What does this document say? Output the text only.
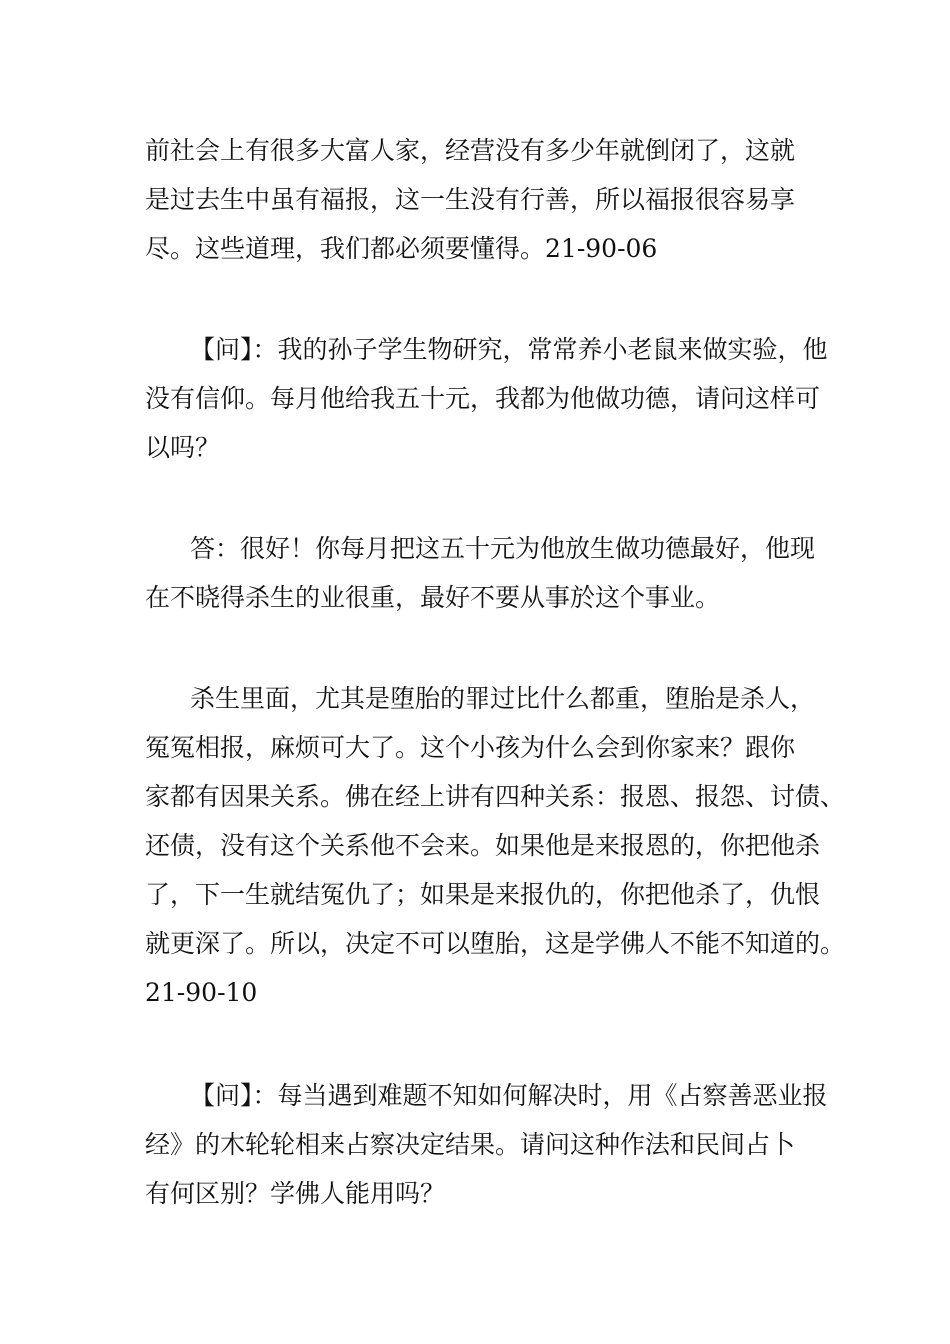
前社会上有很多大富人家，经营没有多少年就倒闭了，这就

是过去生中虽有福报，这一生没有行善，所以福报很容易享

尽。这些道理，我们都必须要懂得。21-90-06

【问】：我的孙子学生物研究，常常养小老鼠来做实验，他

没有信仰。每月他给我五十元，我都为他做功德，请问这样可

以吗？

答：很好！你每月把这五十元为他放生做功德最好，他现

在不晓得杀生的业很重，最好不要从事於这个事业。

杀生里面，尤其是堕胎的罪过比什么都重，堕胎是杀人，

冤冤相报，麻烦可大了。这个小孩为什么会到你家来？跟你

家都有因果关系。佛在经上讲有四种关系：报恩、报怨、讨债、

还债，没有这个关系他不会来。如果他是来报恩的，你把他杀

了，下一生就结冤仇了；如果是来报仇的，你把他杀了，仇恨

就更深了。所以，决定不可以堕胎，这是学佛人不能不知道的。

21-90-10

【问】：每当遇到难题不知如何解决时，用《占察善恶业报

经》的木轮轮相来占察决定结果。请问这种作法和民间占卜

有何区别？学佛人能用吗？
